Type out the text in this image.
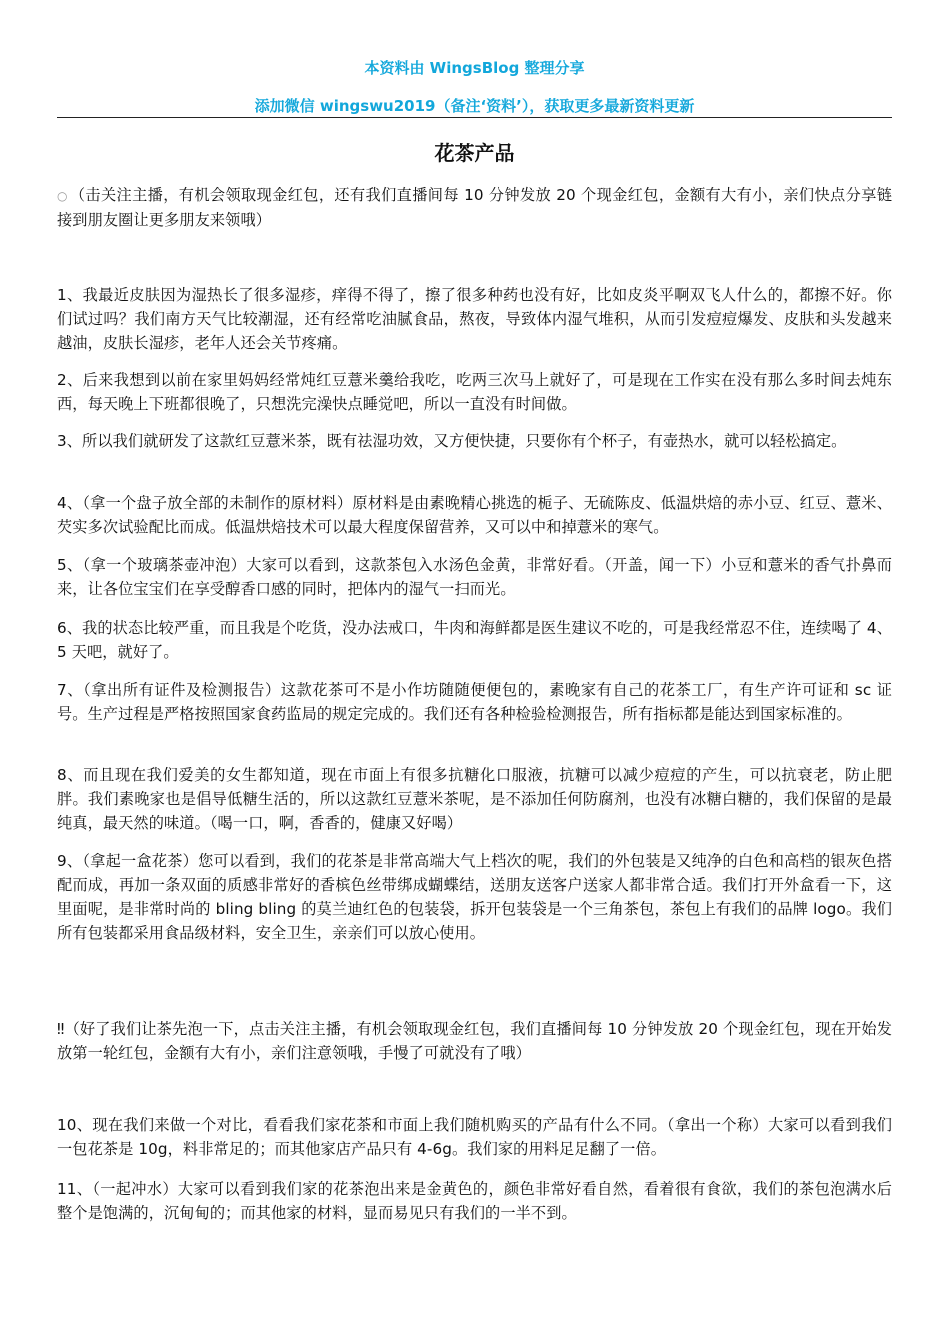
本资料由 WingsBlog 整理分享
添加微信 wingswu2019（备注‘资料’），获取更多最新资料更新
花茶产品
○ （击关注主播，有机会领取现金红包，还有我们直播间每 10 分钟发放 20 个现金红包，金额有大有小，亲们快点分享链接到朋友圈让更多朋友来领哦）
1、我最近皮肤因为湿热长了很多湿疹，痒得不得了，擦了很多种药也没有好，比如皮炎平啊双飞人什么的，都擦不好。你们试过吗？我们南方天气比较潮湿，还有经常吃油腻食品，熬夜，导致体内湿气堆积，从而引发痘痘爆发、皮肤和头发越来越油，皮肤长湿疹，老年人还会关节疼痛。
2、后来我想到以前在家里妈妈经常炖红豆薏米羹给我吃，吃两三次马上就好了，可是现在工作实在没有那么多时间去炖东西，每天晚上下班都很晚了，只想洗完澡快点睡觉吧，所以一直没有时间做。
3、所以我们就研发了这款红豆薏米茶，既有祛湿功效，又方便快捷，只要你有个杯子，有壶热水，就可以轻松搞定。
4、（拿一个盘子放全部的未制作的原材料）原材料是由素晚精心挑选的栀子、无硫陈皮、低温烘焙的赤小豆、红豆、薏米、芡实多次试验配比而成。低温烘焙技术可以最大程度保留营养，又可以中和掉薏米的寒气。
5、（拿一个玻璃茶壶冲泡）大家可以看到，这款茶包入水汤色金黄，非常好看。（开盖，闻一下）小豆和薏米的香气扑鼻而来，让各位宝宝们在享受醇香口感的同时，把体内的湿气一扫而光。
6、我的状态比较严重，而且我是个吃货，没办法戒口，牛肉和海鲜都是医生建议不吃的，可是我经常忍不住，连续喝了 4、5 天吧，就好了。
7、（拿出所有证件及检测报告）这款花茶可不是小作坊随随便便包的，素晚家有自己的花茶工厂，有生产许可证和 sc 证号。生产过程是严格按照国家食药监局的规定完成的。我们还有各种检验检测报告，所有指标都是能达到国家标准的。
8、而且现在我们爱美的女生都知道，现在市面上有很多抗糖化口服液，抗糖可以减少痘痘的产生，可以抗衰老，防止肥胖。我们素晚家也是倡导低糖生活的，所以这款红豆薏米茶呢，是不添加任何防腐剂，也没有冰糖白糖的，我们保留的是最纯真，最天然的味道。（喝一口，啊，香香的，健康又好喝）
9、（拿起一盒花茶）您可以看到，我们的花茶是非常高端大气上档次的呢，我们的外包装是又纯净的白色和高档的银灰色搭配而成，再加一条双面的质感非常好的香槟色丝带绑成蝴蝶结，送朋友送客户送家人都非常合适。我们打开外盒看一下，这里面呢，是非常时尚的 bling bling 的莫兰迪红色的包装袋，拆开包装袋是一个三角茶包，茶包上有我们的品牌 logo。我们所有包装都采用食品级材料，安全卫生，亲亲们可以放心使用。
‼（好了我们让茶先泡一下，点击关注主播，有机会领取现金红包，我们直播间每 10 分钟发放 20 个现金红包，现在开始发放第一轮红包，金额有大有小，亲们注意领哦，手慢了可就没有了哦）
10、现在我们来做一个对比，看看我们家花茶和市面上我们随机购买的产品有什么不同。（拿出一个称）大家可以看到我们一包花茶是 10g，料非常足的；而其他家店产品只有 4-6g。我们家的用料足足翻了一倍。
11、（一起冲水）大家可以看到我们家的花茶泡出来是金黄色的，颜色非常好看自然，看着很有食欲，我们的茶包泡满水后整个是饱满的，沉甸甸的；而其他家的材料，显而易见只有我们的一半不到。
